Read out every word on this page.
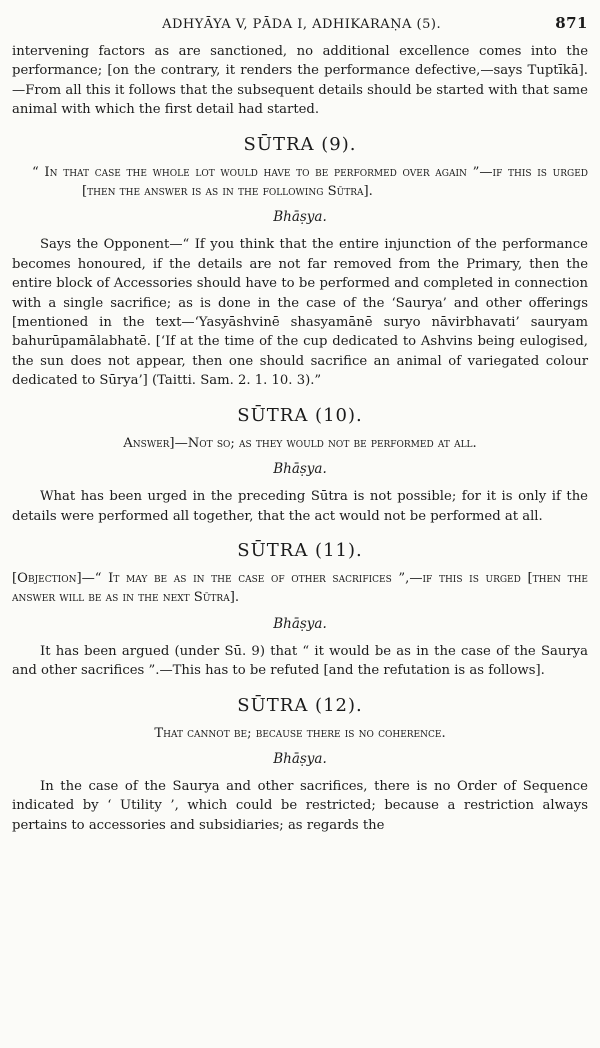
ADHYĀYA V, PĀDA I, ADHIKARAṆA (5).	871

intervening factors as are sanctioned, no additional excellence comes into the performance; [on the contrary, it renders the performance defective,—says Tuptīkā].—From all this it follows that the subsequent details should be started with that same animal with which the first detail had started.

SŪTRA (9).

“ In that case the whole lot would have to be performed over again ”—if this is urged [then the answer is as in the following Sūtra].

Bhāṣya.

Says the Opponent—“ If you think that the entire injunction of the performance becomes honoured, if the details are not far removed from the Primary, then the entire block of Accessories should have to be performed and completed in connection with a single sacrifice; as is done in the case of the ‘Saurya’ and other offerings [mentioned in the text—‘Yasyāshvinē shasyamānē suryo nāvirbhavati’ sauryam bahurūpamālabhatē. [‘If at the time of the cup dedicated to Ashvins being eulogised, the sun does not appear, then one should sacrifice an animal of variegated colour dedicated to Sūrya’] (Taitti. Sam. 2. 1. 10. 3).”

SŪTRA (10).

Answer]—Not so; as they would not be performed at all.

Bhāṣya.

What has been urged in the preceding Sūtra is not possible; for it is only if the details were performed all together, that the act would not be performed at all.

SŪTRA (11).

[Objection]—“ It may be as in the case of other sacrifices ”,—if this is urged [then the answer will be as in the next Sūtra].

Bhāṣya.

It has been argued (under Sū. 9) that “ it would be as in the case of the Saurya and other sacrifices ”.—This has to be refuted [and the refutation is as follows].

SŪTRA (12).

That cannot be; because there is no coherence.

Bhāṣya.

In the case of the Saurya and other sacrifices, there is no Order of Sequence indicated by ‘ Utility ’, which could be restricted; because a restriction always pertains to accessories and subsidiaries; as regards the
